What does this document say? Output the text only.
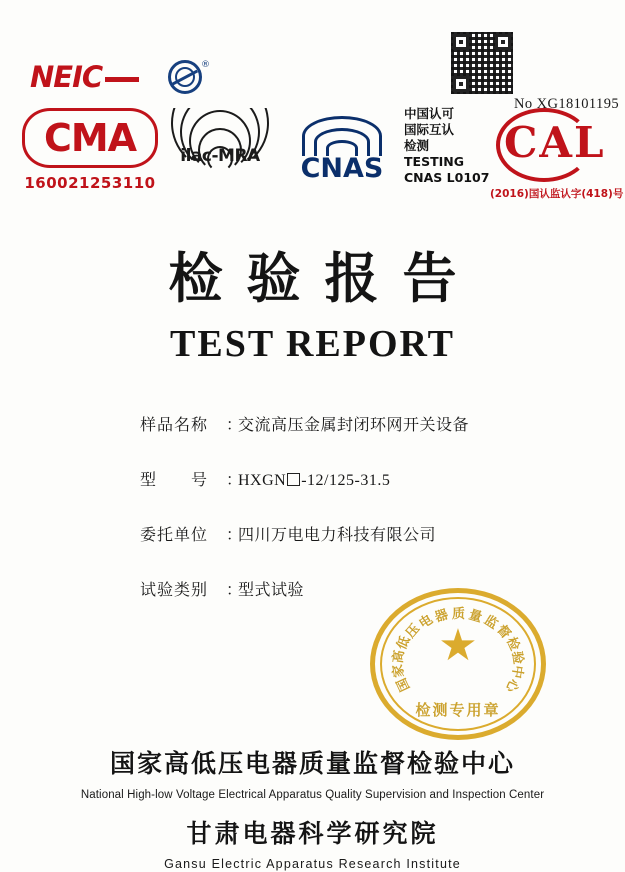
NEIC	®
No XG18101195
CMA
160021253110
ilac-MRA	CNAS
中国认可
国际互认
检测
TESTING
CNAS L0107
CAL
(2016)国认监认字(418)号
检验报告
TEST REPORT
样品名称	：
交流高压金属封闭环网开关设备
型　　号	：
HXGN -12/125-31.5
委托单位	：
四川万电电力科技有限公司
试验类别	：
型式试验
国
家
高
低
压
电
器 质 量
监
督
检
验
中
心
★
检测专用章
国家高低压电器质量监督检验中心
National High-low Voltage Electrical Apparatus Quality Supervision and Inspection Center
甘肃电器科学研究院
Gansu Electric Apparatus Research Institute
